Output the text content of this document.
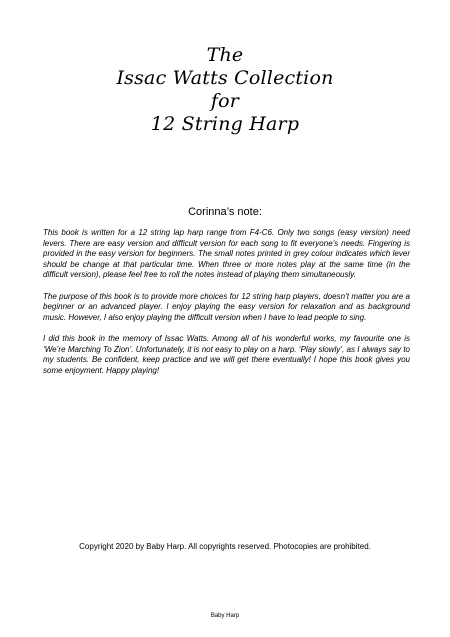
The
Issac Watts Collection
for
12 String Harp
Corinna’s note:

This book is written for a 12 string lap harp range from F4-C6. Only two songs (easy version) need levers. There are easy version and difficult version for each song to fit everyone’s needs. Fingering is provided in the easy version for beginners. The small notes printed in grey colour indicates which lever should be change at that particular time. When three or more notes play at the same time (in the difficult version), please feel free to roll the notes instead of playing them simultaneously.

The purpose of this book is to provide more choices for 12 string harp players, doesn’t matter you are a beginner or an advanced player. I enjoy playing the easy version for relaxation and as background music. However, I also enjoy playing the difficult version when I have to lead people to sing.

I did this book in the memory of Issac Watts. Among all of his wonderful works, my favourite one is ‘We’re Marching To Zion’. Unfortunately, it is not easy to play on a harp. ‘Play slowly’, as I always say to my students. Be confident, keep practice and we will get there eventually! I hope this book gives you some enjoyment. Happy playing!

Copyright 2020 by Baby Harp. All copyrights reserved. Photocopies are prohibited.
Baby Harp
